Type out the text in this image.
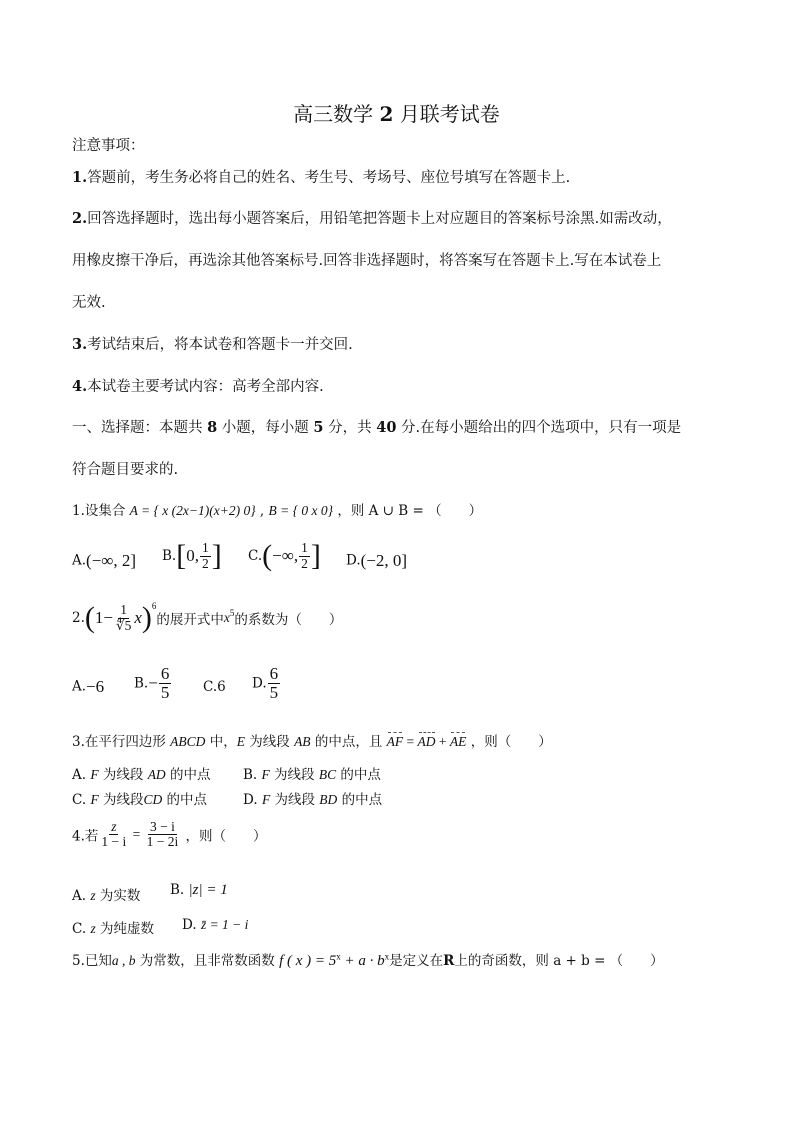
高三数学 2 月联考试卷
注意事项：
1.答题前，考生务必将自己的姓名、考生号、考场号、座位号填写在答题卡上.
2.回答选择题时，选出每小题答案后，用铅笔把答题卡上对应题目的答案标号涂黑.如需改动，
用橡皮擦干净后，再选涂其他答案标号.回答非选择题时，将答案写在答题卡上.写在本试卷上
无效.
3.考试结束后，将本试卷和答题卡一并交回.
4.本试卷主要考试内容：高考全部内容.
一、选择题：本题共 8 小题，每小题 5 分，共 40 分.在每小题给出的四个选项中，只有一项是
符合题目要求的.
1.设集合 A = { x (2x−1)(x+2) 0} , B = { 0 x 0} ，则 A ∪ B = （　　）
A.(−∞, 2] B.[0, $\frac{1}{2}$ ] C.(−∞, $\frac{1}{2}$ ] D.(−2, 0]
$2.(1- \frac{1}{∜5} x)^6$的展开式中$x^5$的系数为（　　）
A.−6 $B.- \frac{6}{5} C.6$ D. $\frac{6}{5}$
3.在平行四边形 ABCD 中，E 为线段 AB 的中点，且 AF = AD + AE ，则（　　）
A. F 为线段 AD 的中点 B. F 为线段 BC 的中点
C. F 为线段CD 的中点	D. F 为线段 BD 的中点
4.若 $\frac{z}{1 - i} = \frac{3 - i}{1 - 2i}$ ，则（　　）
A. z 为实数 B. |z| = 1
C. z 为纯虚数 D. z̄ = 1 − i
5.已知a , b 为常数，且非常数函数 f ( x ) = $5^x + a \cdot b^x$是定义在R上的奇函数，则 a + b = （　　）
